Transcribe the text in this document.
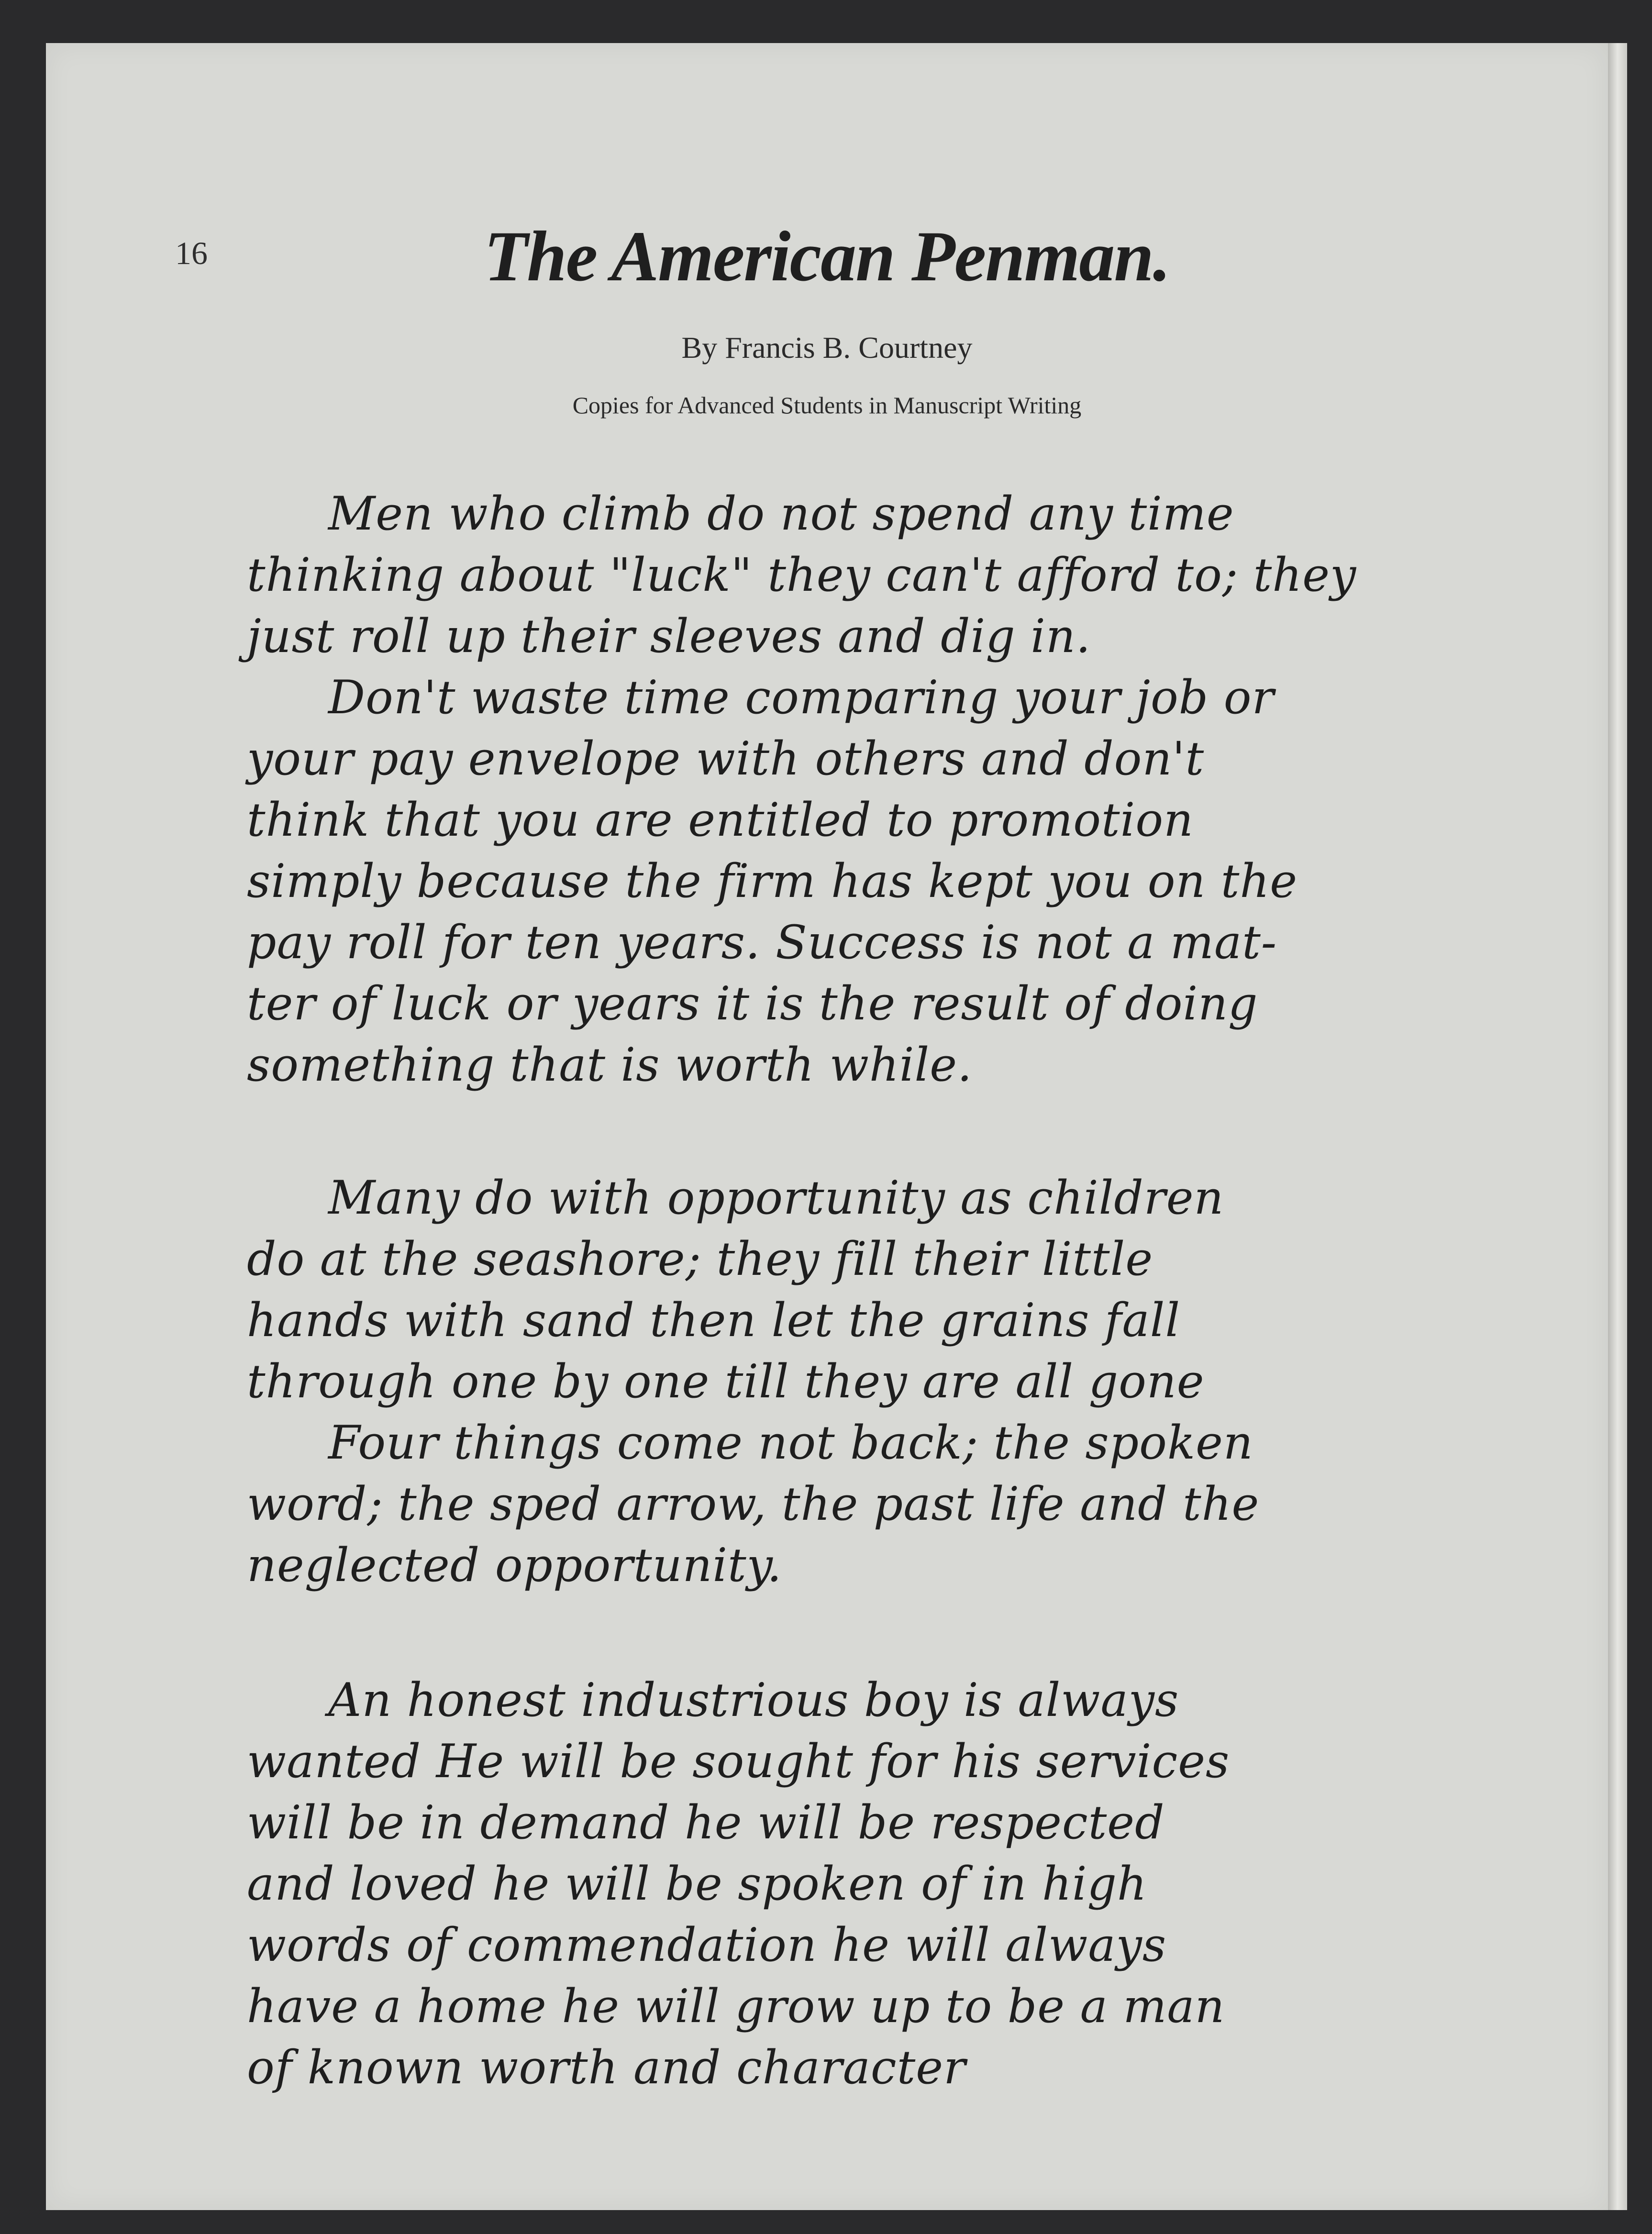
16	The American Penman.
By Francis B. Courtney
Copies for Advanced Students in Manuscript Writing
Men who climb do not spend any time
thinking about "luck" they can't afford to; they
just roll up their sleeves and dig in.
Don't waste time comparing your job or
your pay envelope with others and don't
think that you are entitled to promotion
simply because the firm has kept you on the
pay roll for ten years. Success is not a mat-
ter of luck or years it is the result of doing
something that is worth while.
Many do with opportunity as children
do at the seashore; they fill their little
hands with sand then let the grains fall
through one by one till they are all gone
Four things come not back; the spoken
word; the sped arrow, the past life and the
neglected opportunity.
An honest industrious boy is always
wanted He will be sought for his services
will be in demand he will be respected
and loved he will be spoken of in high
words of commendation he will always
have a home he will grow up to be a man
of known worth and character
